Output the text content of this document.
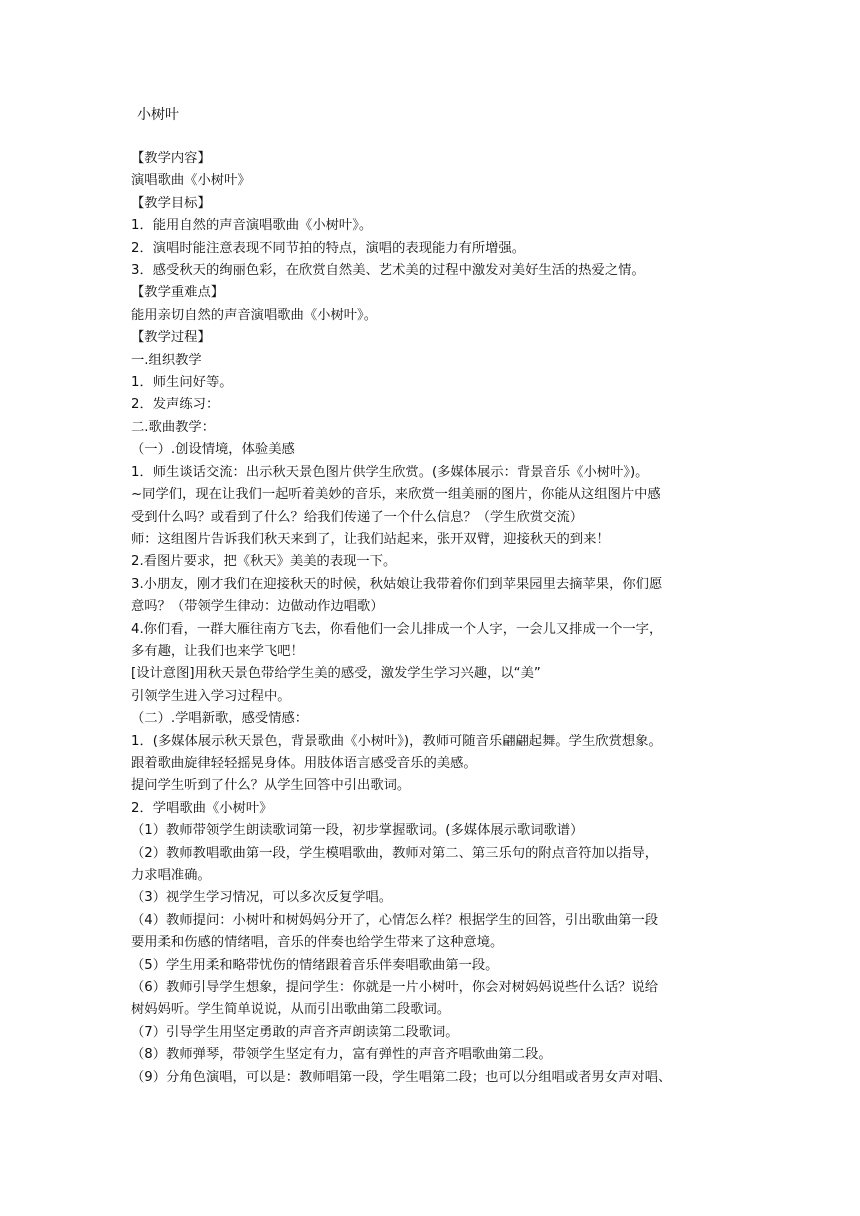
小树叶
【教学内容】
演唱歌曲《小树叶》
【教学目标】
1．能用自然的声音演唱歌曲《小树叶》。
2．演唱时能注意表现不同节拍的特点，演唱的表现能力有所增强。
3．感受秋天的绚丽色彩，在欣赏自然美、艺术美的过程中激发对美好生活的热爱之情。
【教学重难点】
能用亲切自然的声音演唱歌曲《小树叶》。
【教学过程】
一.组织教学
1．师生问好等。
2．发声练习：
二.歌曲教学：
（一）.创设情境，体验美感
1．师生谈话交流：出示秋天景色图片供学生欣赏。(多媒体展示：背景音乐《小树叶》)。
~同学们，现在让我们一起听着美妙的音乐，来欣赏一组美丽的图片，你能从这组图片中感
受到什么吗？或看到了什么？给我们传递了一个什么信息？（学生欣赏交流）
师：这组图片告诉我们秋天来到了，让我们站起来，张开双臂，迎接秋天的到来！
2.看图片要求，把《秋天》美美的表现一下。
3.小朋友，刚才我们在迎接秋天的时候，秋姑娘让我带着你们到苹果园里去摘苹果，你们愿
意吗？（带领学生律动：边做动作边唱歌）
4.你们看，一群大雁往南方飞去，你看他们一会儿排成一个人字，一会儿又排成一个一字，
多有趣，让我们也来学飞吧！
[设计意图]用秋天景色带给学生美的感受，激发学生学习兴趣，以“美”
引领学生进入学习过程中。
（二）.学唱新歌，感受情感：
1．(多媒体展示秋天景色，背景歌曲《小树叶》)，教师可随音乐翩翩起舞。学生欣赏想象。
跟着歌曲旋律轻轻摇晃身体。用肢体语言感受音乐的美感。
提问学生听到了什么？从学生回答中引出歌词。
2．学唱歌曲《小树叶》
（1）教师带领学生朗读歌词第一段，初步掌握歌词。(多媒体展示歌词歌谱）
（2）教师教唱歌曲第一段，学生模唱歌曲，教师对第二、第三乐句的附点音符加以指导，
力求唱准确。
（3）视学生学习情况，可以多次反复学唱。
（4）教师提问：小树叶和树妈妈分开了，心情怎么样？根据学生的回答，引出歌曲第一段
要用柔和伤感的情绪唱，音乐的伴奏也给学生带来了这种意境。
（5）学生用柔和略带忧伤的情绪跟着音乐伴奏唱歌曲第一段。
（6）教师引导学生想象，提问学生：你就是一片小树叶，你会对树妈妈说些什么话？说给
树妈妈听。学生简单说说，从而引出歌曲第二段歌词。
（7）引导学生用坚定勇敢的声音齐声朗读第二段歌词。
（8）教师弹琴，带领学生坚定有力，富有弹性的声音齐唱歌曲第二段。
（9）分角色演唱，可以是：教师唱第一段，学生唱第二段；也可以分组唱或者男女声对唱、
